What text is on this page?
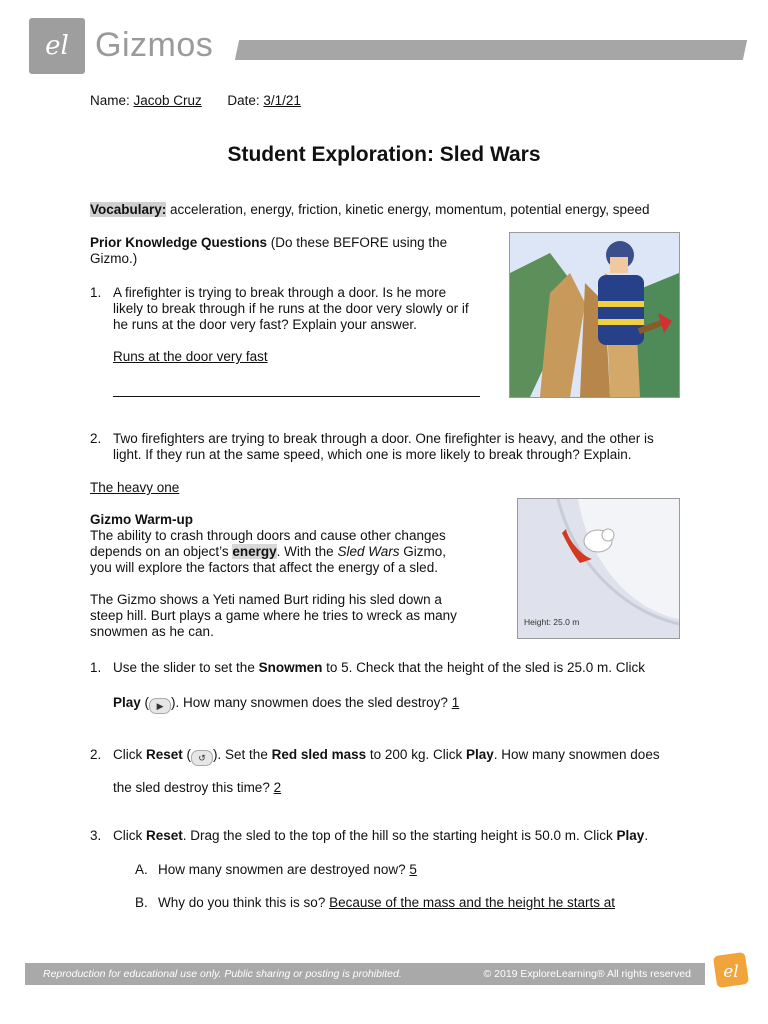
el Gizmos
Name: Jacob Cruz Date: 3/1/21
Student Exploration: Sled Wars
Vocabulary: acceleration, energy, friction, kinetic energy, momentum, potential energy, speed
Prior Knowledge Questions (Do these BEFORE using the
Gizmo.)
1. A firefighter is trying to break through a door. Is he more
likely to break through if he runs at the door very slowly or if
he runs at the door very fast? Explain your answer.
Runs at the door very fast
2. Two firefighters are trying to break through a door. One firefighter is heavy, and the other is
light. If they run at the same speed, which one is more likely to break through? Explain.
The heavy one
Gizmo Warm-up
The ability to crash through doors and cause other changes
depends on an object’s energy. With the Sled Wars Gizmo,
you will explore the factors that affect the energy of a sled.
The Gizmo shows a Yeti named Burt riding his sled down a
steep hill. Burt plays a game where he tries to wreck as many
snowmen as he can.
Height: 25.0 m
1. Use the slider to set the Snowmen to 5. Check that the height of the sled is 25.0 m. Click
Play ( ▶ ). How many snowmen does the sled destroy? 1
2. Click Reset ( ↺ ). Set the Red sled mass to 200 kg. Click Play. How many snowmen does
the sled destroy this time? 2
3. Click Reset. Drag the sled to the top of the hill so the starting height is 50.0 m. Click Play.
A. How many snowmen are destroyed now? 5
B. Why do you think this is so? Because of the mass and the height he starts at
Reproduction for educational use only. Public sharing or posting is prohibited.	© 2019 ExploreLearning® All rights reserved el
